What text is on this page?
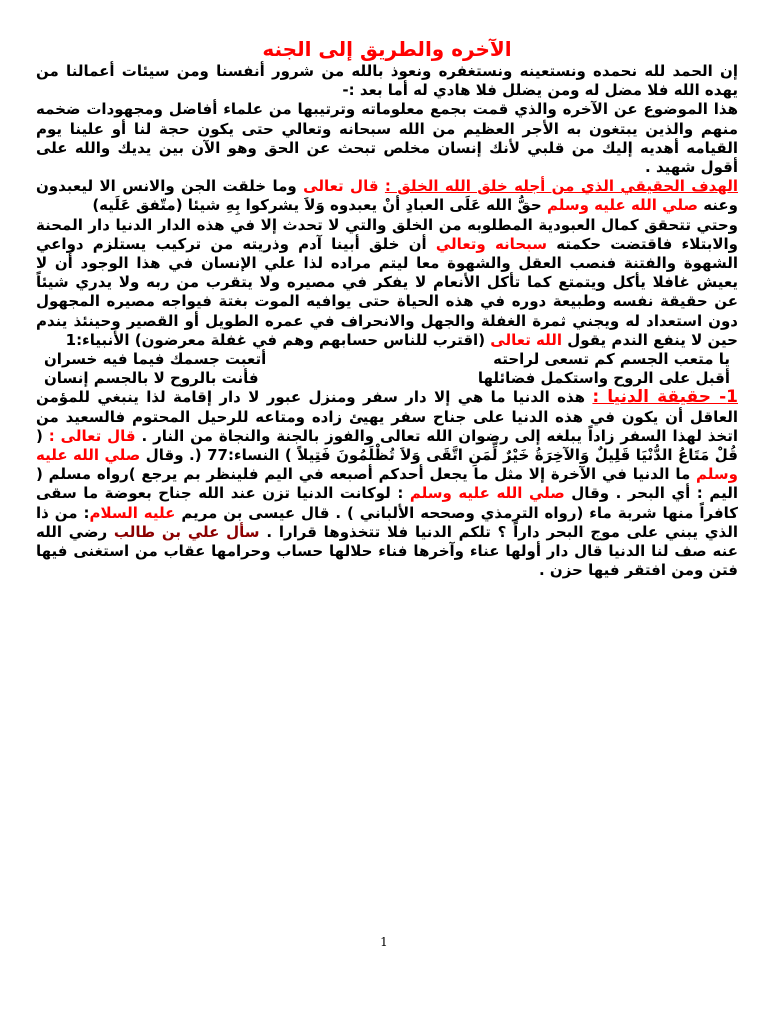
الآخره والطريق إلى الجنه

إن الحمد لله نحمده ونستعينه ونستغفره ونعوذ بالله من شرور أنفسنا ومن سيئات أعمالنا من يهده الله فلا مضل له ومن يضلل فلا هادي له أما بعد :-

هذا الموضوع عن الآخره والذي قمت بجمع معلوماته وترتيبها من علماء أفاضل ومجهودات ضخمه منهم والذين يبتغون به الأجر العظيم من الله سبحانه وتعالي حتى يكون حجة لنا أو علينا يوم القيامه أهديه إليك من قلبي لأنك إنسان مخلص تبحث عن الحق وهو الآن بين يديك والله على أقول شهيد .

الهدف الحقيقي الذي من أجله خلق الله الخلق : قال تعالى وما خلقت الجن والانس الا ليعبدون وعنه صلي الله عليه وسلم حقُّ الله عَلَى العبادِ أنْ يعبدوه وَلاَ يشركوا بِهِ شيئا (متّفق عَلَيه)

وحتي تتحقق كمال العبودية المطلوبه من الخلق والتي لا تحدث إلا في هذه الدار الدنيا دار المحنة والابتلاء فاقتضت حكمته سبحانه وتعالي أن خلق أبينا آدم وذريته من تركيب يستلزم دواعي الشهوة والفتنة فنصب العقل والشهوة معا ليتم مراده لذا علي الإنسان في هذا الوجود أن لا يعيش غافلا يأكل ويتمتع كما تأكل الأنعام لا يفكر في مصيره ولا يتقرب من ربه ولا يدري شيئاً عن حقيقة نفسه وطبيعة دوره في هذه الحياة حتى يوافيه الموت بغتة فيواجه مصيره المجهول دون استعداد له ويجني ثمرة الغفلة والجهل والانحراف في عمره الطويل أو القصير وحينئذ يندم حين لا ينفع الندم يقول الله تعالى (اقترب للناس حسابهم وهم في غفلة معرضون) الأنبياء:1

يا متعب الجسم كم تسعى لراحته
أتعبت جسمك فيما فيه خسران
أقبل على الروح واستكمل فضائلها
فأنت بالروح لا بالجسم إنسان

1- حقيقة الدنيا : هذه الدنيا ما هي إلا دار سفر ومنزل عبور لا دار إقامة لذا ينبغي للمؤمن العاقل أن يكون في هذه الدنيا على جناح سفر يهيئ زاده ومتاعه للرحيل المحتوم فالسعيد من اتخذ لهذا السفر زاداً يبلغه إلى رضوان الله تعالى والفوز بالجنة والنجاة من النار . قال تعالى : ( قُلْ مَتَاعُ الدُّنْيَا قَلِيلٌ وَالآخِرَةُ خَيْرٌ لِّمَنِ اتَّقَى وَلاَ تُظْلَمُونَ فَتِيلاً ) النساء:77 (. وقال صلي الله عليه وسلم ما الدنيا في الآخرة إلا مثل ما يجعل أحدكم أصبعه في اليم فلينظر بم يرجع )رواه مسلم ( اليم : أي البحر . وقال صلي الله عليه وسلم : لوكانت الدنيا تزن عند الله جناح بعوضة ما سقى كافراً منها شربة ماء (رواه الترمذي وصححه الألباني ) . قال عيسى بن مريم عليه السلام: من ذا الذي يبني على موج البحر داراً ؟ تلكم الدنيا فلا تتخذوها قرارا . سأل علي بن طالب رضي الله عنه صف لنا الدنيا قال دار أولها عناء وآخرها فناء حلالها حساب وحرامها عقاب من استغنى فيها فتن ومن افتقر فيها حزن .

1
